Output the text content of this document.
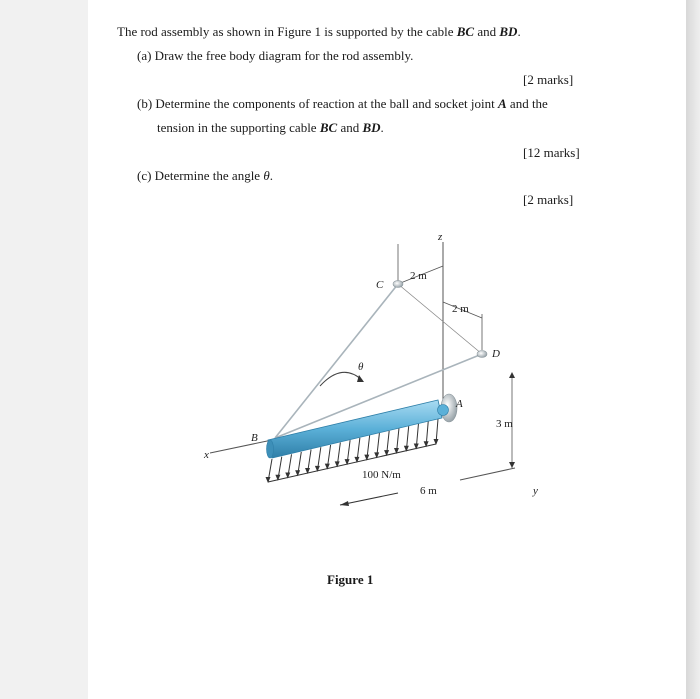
The rod assembly as shown in Figure 1 is supported by the cable BC and BD.
(a) Draw the free body diagram for the rod assembly.
[2 marks]
(b) Determine the components of reaction at the ball and socket joint A and the
tension in the supporting cable BC and BD.
[12 marks]
(c) Determine the angle θ.
[2 marks]
z
x
y
2 m
2 m
3 m
θ
C
D
A
B
100 N/m
6 m
Figure 1
